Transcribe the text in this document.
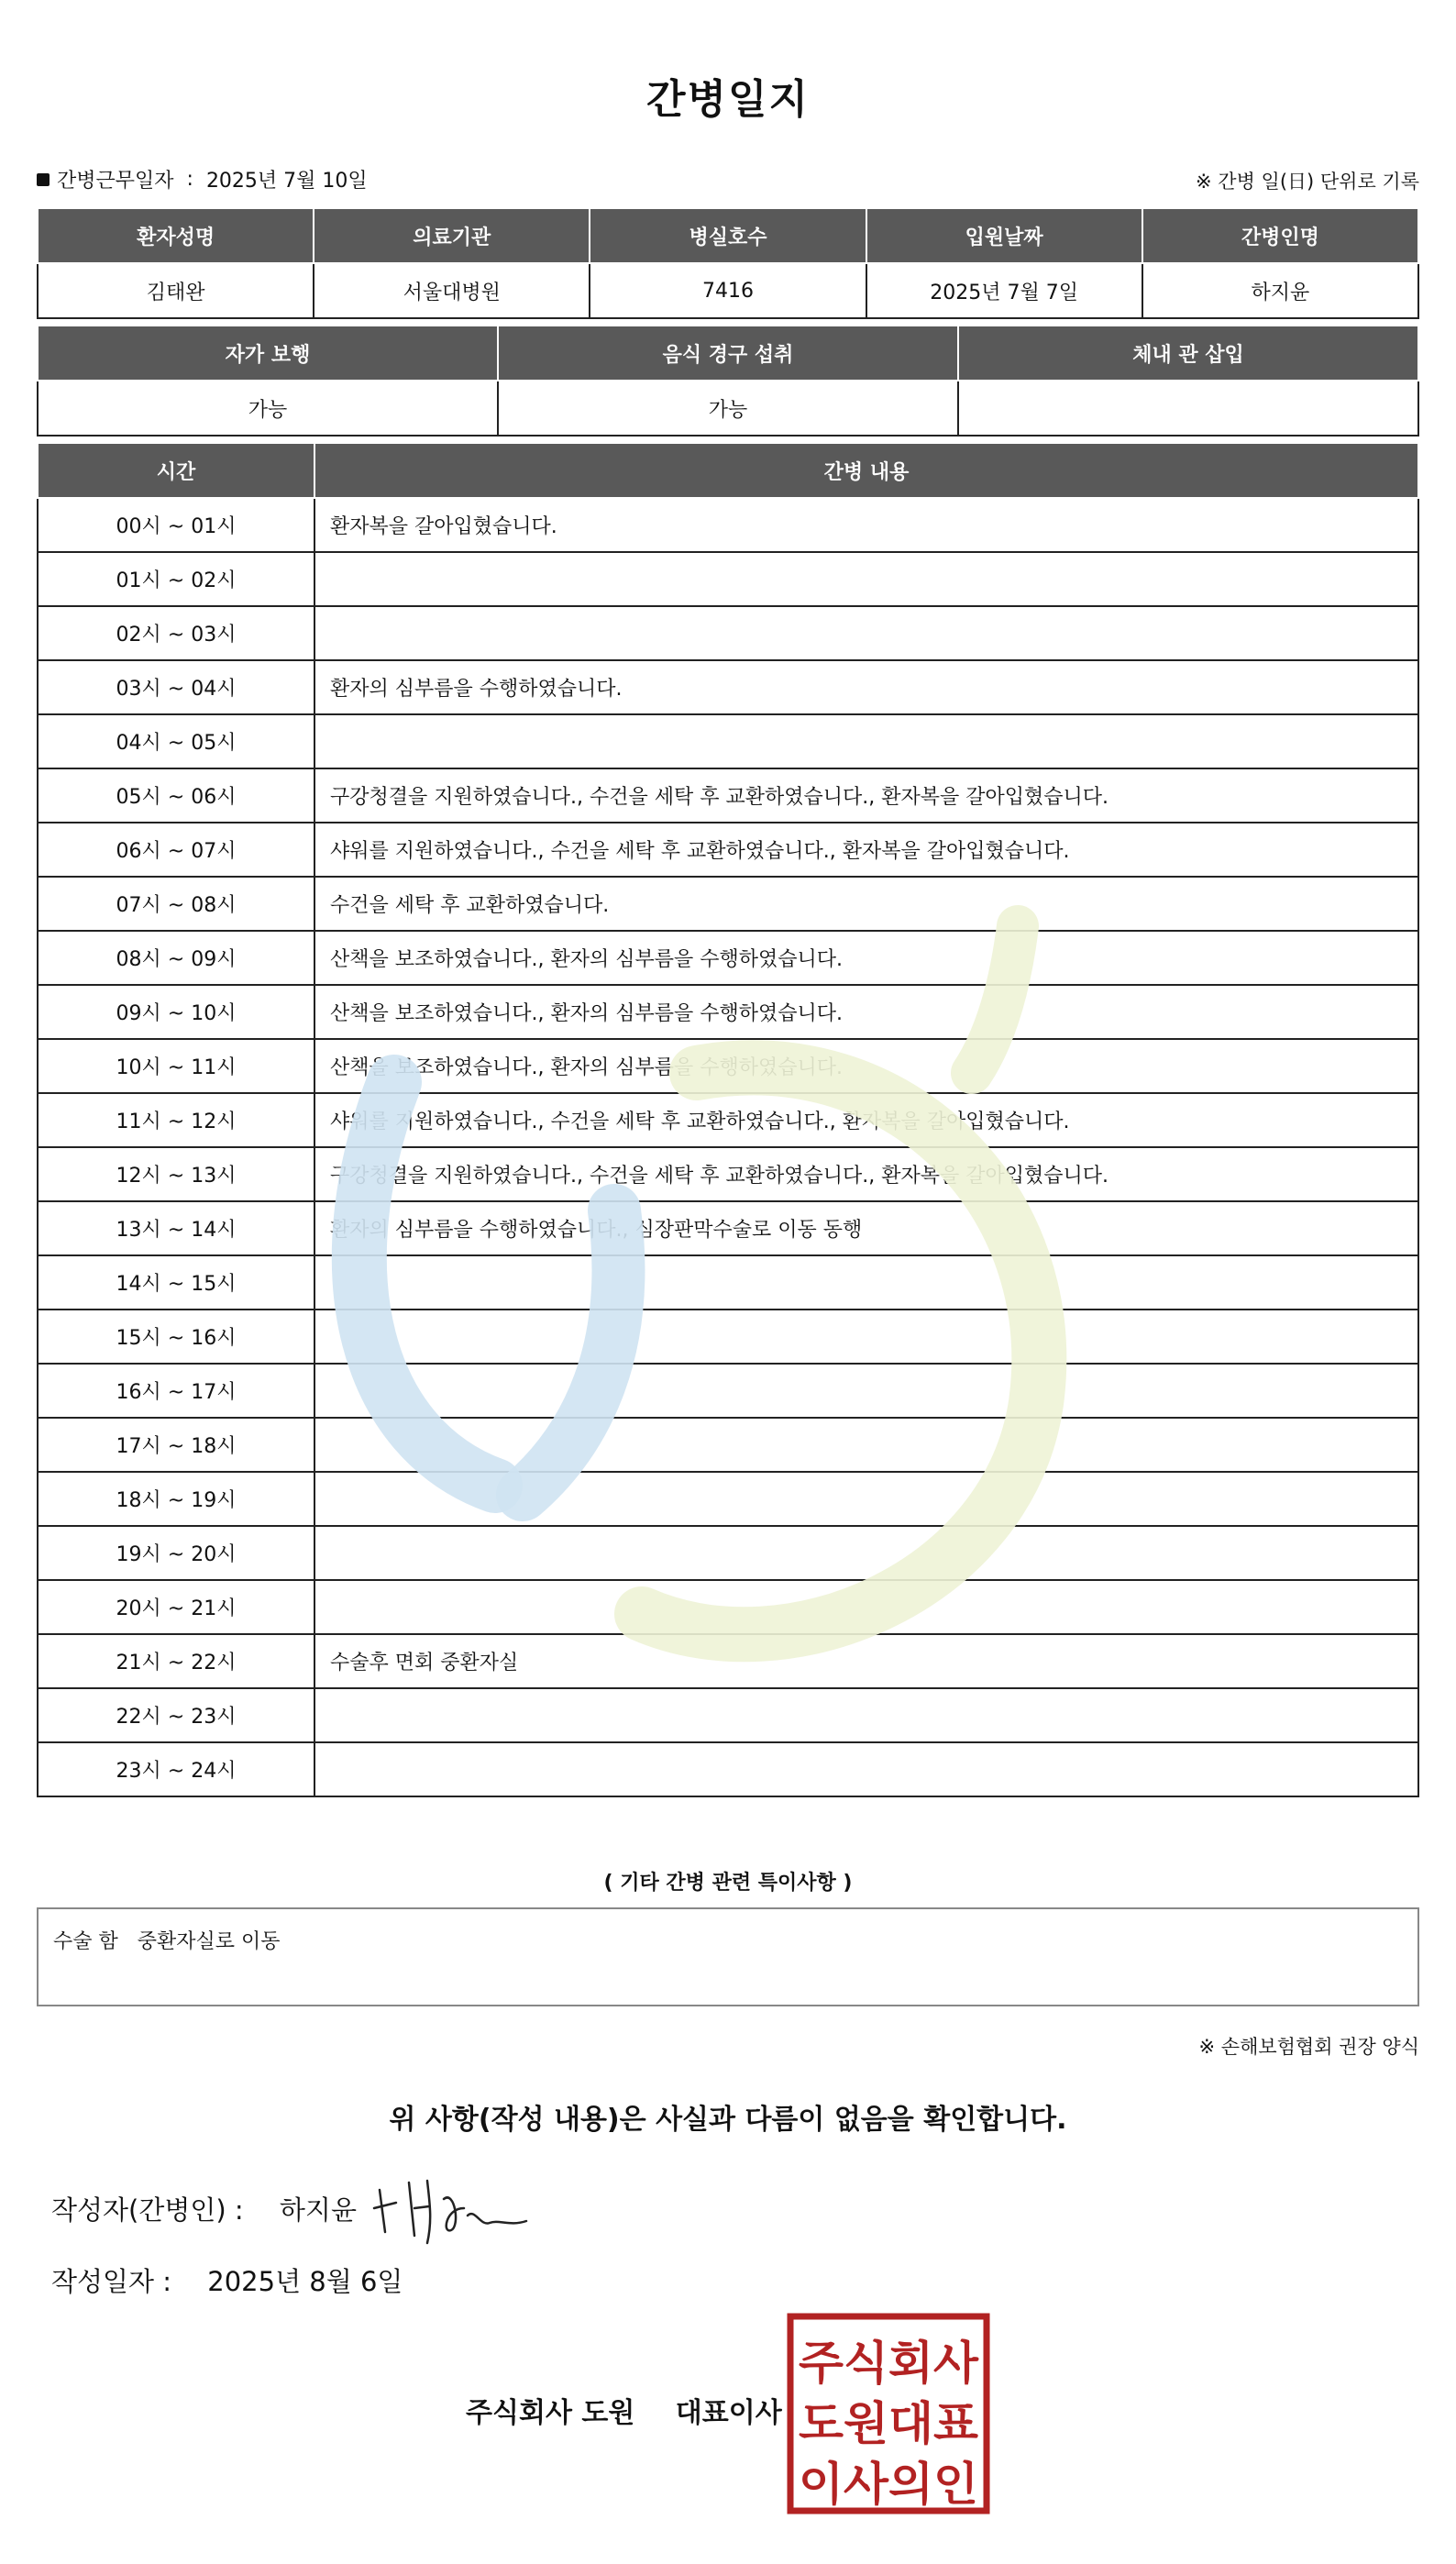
간병일지
간병근무일자 : 2025년 7월 10일	※ 간병 일(日) 단위로 기록
환자성명	의료기관	병실호수	입원날짜	간병인명
김태완	서울대병원	7416	2025년 7월 7일	하지윤
자가 보행	음식 경구 섭취	체내 관 삽입
가능	가능	
시간	간병 내용
00시 ~ 01시	환자복을 갈아입혔습니다.
01시 ~ 02시	
02시 ~ 03시	
03시 ~ 04시	환자의 심부름을 수행하였습니다.
04시 ~ 05시	
05시 ~ 06시	구강청결을 지원하였습니다., 수건을 세탁 후 교환하였습니다., 환자복을 갈아입혔습니다.
06시 ~ 07시	샤워를 지원하였습니다., 수건을 세탁 후 교환하였습니다., 환자복을 갈아입혔습니다.
07시 ~ 08시	수건을 세탁 후 교환하였습니다.
08시 ~ 09시	산책을 보조하였습니다., 환자의 심부름을 수행하였습니다.
09시 ~ 10시	산책을 보조하였습니다., 환자의 심부름을 수행하였습니다.
10시 ~ 11시	산책을 보조하였습니다., 환자의 심부름을 수행하였습니다.
11시 ~ 12시	샤워를 지원하였습니다., 수건을 세탁 후 교환하였습니다., 환자복을 갈아입혔습니다.
12시 ~ 13시	구강청결을 지원하였습니다., 수건을 세탁 후 교환하였습니다., 환자복을 갈아입혔습니다.
13시 ~ 14시	환자의 심부름을 수행하였습니다., 심장판막수술로 이동 동행
14시 ~ 15시	
15시 ~ 16시	
16시 ~ 17시	
17시 ~ 18시	
18시 ~ 19시	
19시 ~ 20시	
20시 ~ 21시	
21시 ~ 22시	수술후 면회 중환자실
22시 ~ 23시	
23시 ~ 24시	
( 기타 간병 관련 특이사항 )
수술 함   중환자실로 이동
※ 손해보험협회 권장 양식
위 사항(작성 내용)은 사실과 다름이 없음을 확인합니다.
작성자(간병인) : 하지윤
작성일자 : 2025년 8월 6일
주식회사 도원 대표이사
주식회사
도원대표
이사의인
